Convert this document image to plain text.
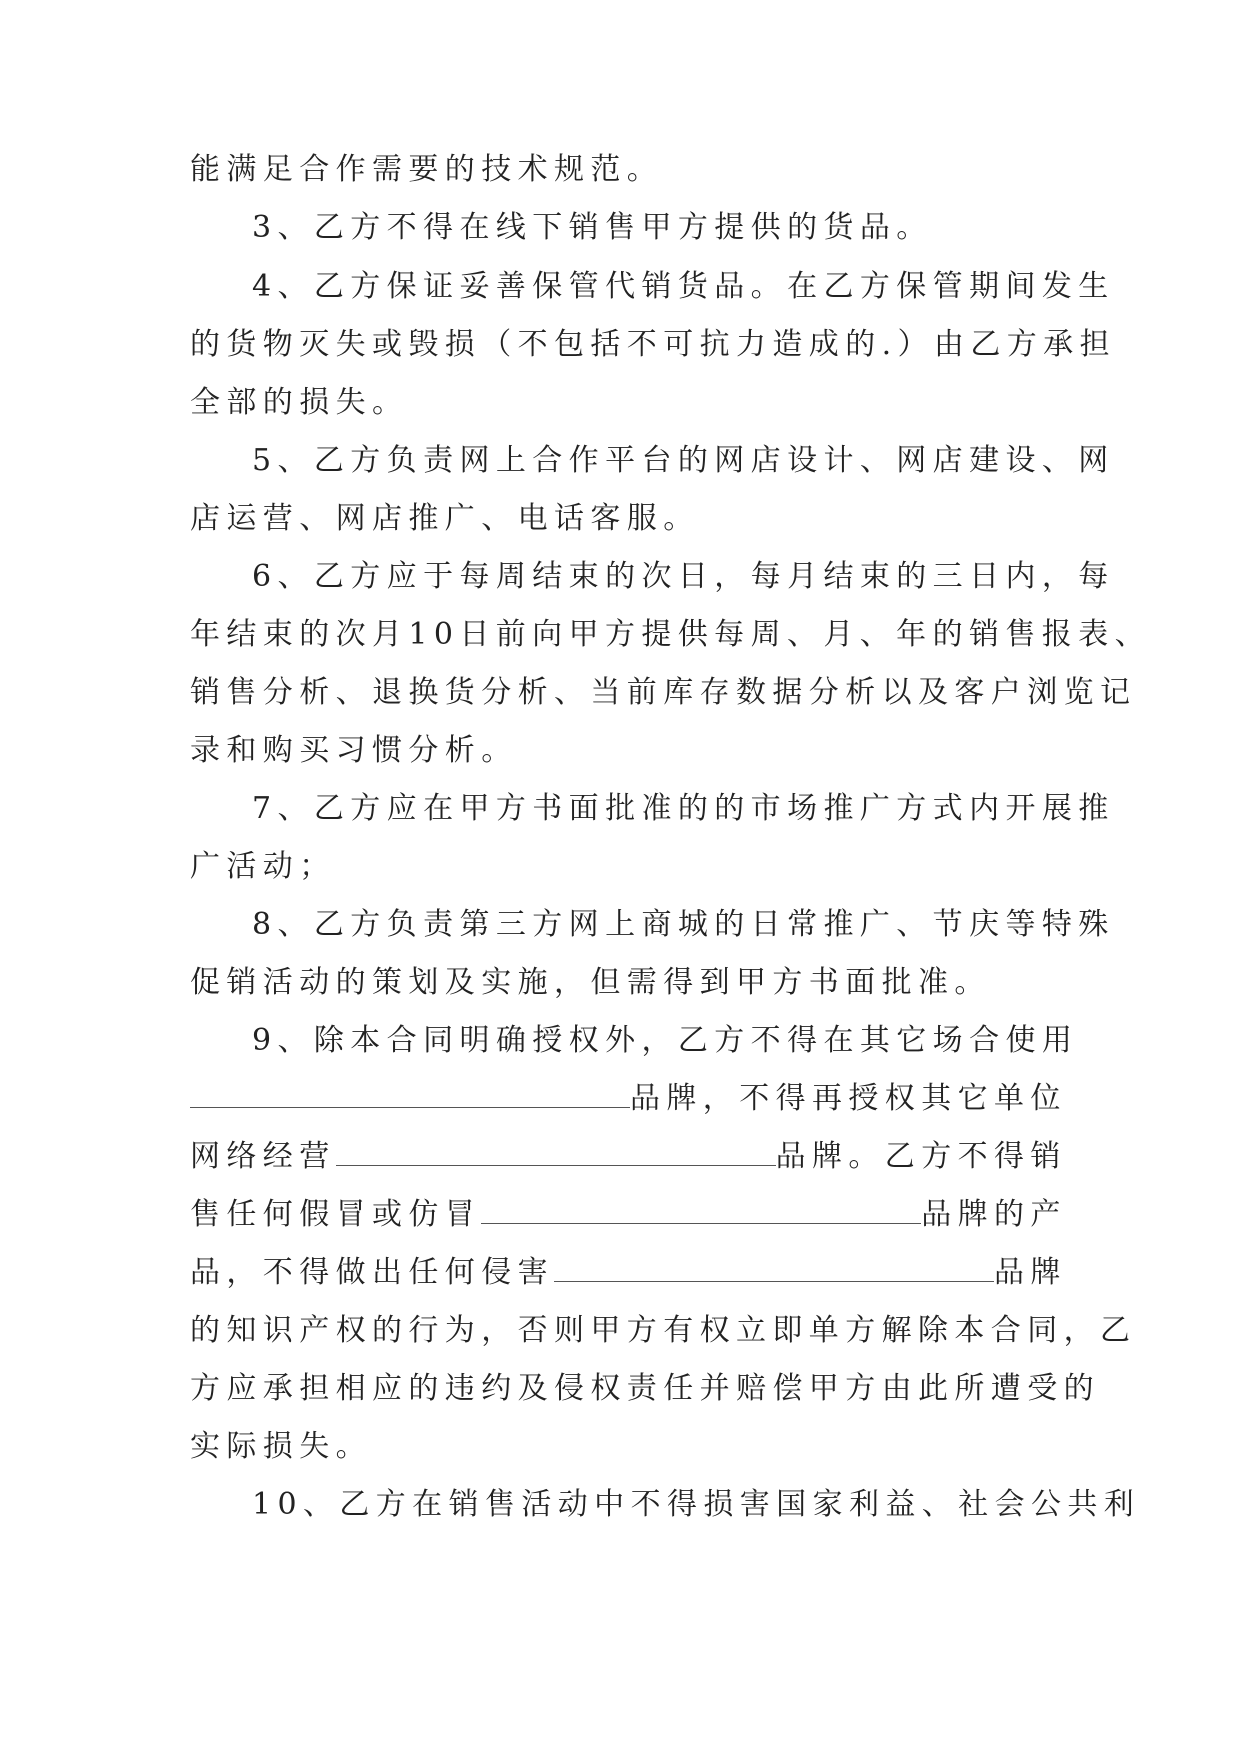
能满足合作需要的技术规范。
3、乙方不得在线下销售甲方提供的货品。
4、乙方保证妥善保管代销货品。在乙方保管期间发生
的货物灭失或毁损（不包括不可抗力造成的.）由乙方承担
全部的损失。
5、乙方负责网上合作平台的网店设计、网店建设、网
店运营、网店推广、电话客服。
6、乙方应于每周结束的次日，每月结束的三日内，每
年结束的次月10日前向甲方提供每周、月、年的销售报表、
销售分析、退换货分析、当前库存数据分析以及客户浏览记
录和购买习惯分析。
7、乙方应在甲方书面批准的的市场推广方式内开展推
广活动；
8、乙方负责第三方网上商城的日常推广、节庆等特殊
促销活动的策划及实施，但需得到甲方书面批准。
9、除本合同明确授权外，乙方不得在其它场合使用
品牌，不得再授权其它单位
网络经营	品牌。乙方不得销
售任何假冒或仿冒	品牌的产
品，不得做出任何侵害	品牌
的知识产权的行为，否则甲方有权立即单方解除本合同，乙
方应承担相应的违约及侵权责任并赔偿甲方由此所遭受的
实际损失。
10、乙方在销售活动中不得损害国家利益、社会公共利
